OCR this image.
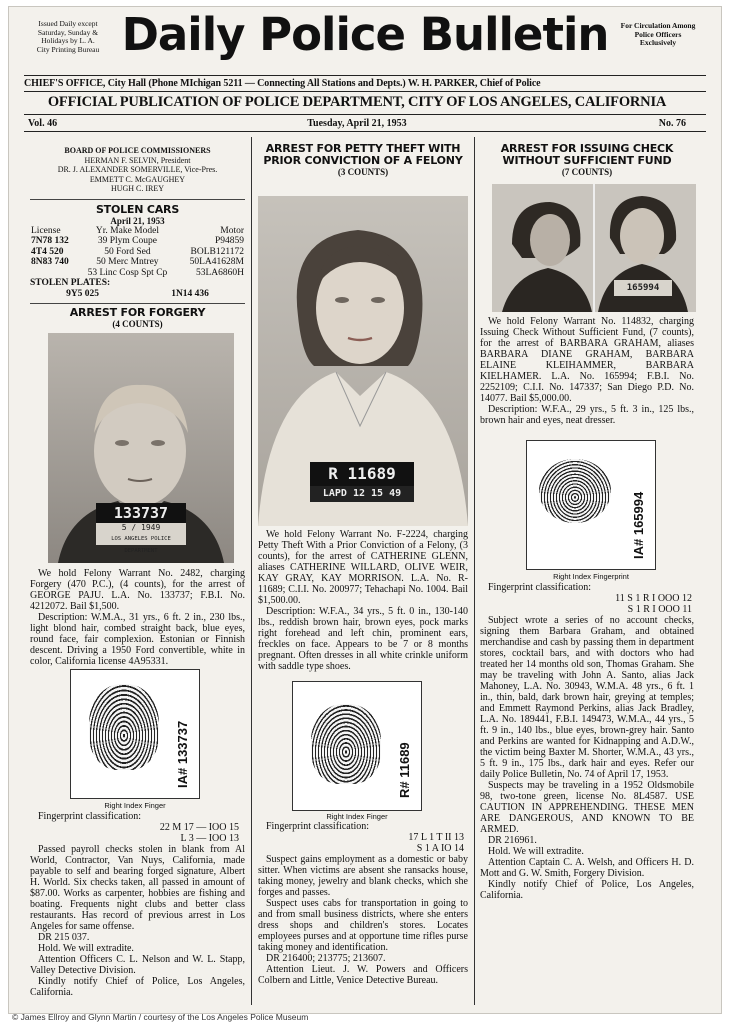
Issued Daily except Saturday, Sunday & Holidays by L. A. City Printing Bureau Daily Police Bulletin	For Circulation Among Police Officers Exclusively
CHIEF'S OFFICE, City Hall (Phone MIchigan 5211 — Connecting All Stations and Depts.) W. H. PARKER, Chief of Police
OFFICIAL PUBLICATION OF POLICE DEPARTMENT, CITY OF LOS ANGELES, CALIFORNIA
Vol. 46	Tuesday, April 21, 1953	No. 76
BOARD OF POLICE COMMISSIONERS
HERMAN F. SELVIN, President
DR. J. ALEXANDER SOMERVILLE, Vice-Pres.
EMMETT C. McGAUGHEY
HUGH C. IREY
STOLEN CARS
April 21, 1953
License	Yr. Make Model	Motor
7N78 132	39 Plym Coupe	P94859
4T4 520	50 Ford Sed	BOLB121172
8N83 740	50 Merc Mntrey	50LA41628M
	53 Linc Cosp Spt Cp	53LA6860H
STOLEN PLATES:
9Y5 025	1N14 436
ARREST FOR FORGERY
(4 COUNTS)
133737
5 / 1949
LOS ANGELES POLICE DEPARTMENT

We hold Felony Warrant No. 2482, charging Forgery (470 P.C.), (4 counts), for the arrest of GEORGE PAJU. L.A. No. 133737; F.B.I. No. 4212072. Bail $1,500.

Description: W.M.A., 31 yrs., 6 ft. 2 in., 230 lbs., light blond hair, combed straight back, blue eyes, round face, fair complexion. Estonian or Finnish descent. Driving a 1950 Ford convertible, white in color, California license 4A95331.

IA# 133737
Right Index Finger

Fingerprint classification:

22 M 17 — IOO 15
L 3 — IOO 13

Passed payroll checks stolen in blank from Al World, Contractor, Van Nuys, California, made payable to self and bearing forged signature, Albert H. World. Six checks taken, all passed in amount of $87.00. Works as carpenter, hobbies are fishing and boating. Frequents night clubs and better class restaurants. Has record of previous arrest in Los Angeles for same offense.

DR 215 037.

Hold. We will extradite.

Attention Officers C. L. Nelson and W. L. Stapp, Valley Detective Division.

Kindly notify Chief of Police, Los Angeles, California.

ARREST FOR PETTY THEFT WITH PRIOR CONVICTION OF A FELONY
(3 COUNTS)
R 11689
LAPD 12 15 49

We hold Felony Warrant No. F-2224, charging Petty Theft With a Prior Conviction of a Felony, (3 counts), for the arrest of CATHERINE GLENN, aliases CATHERINE WILLARD, OLIVE WEIR, KAY GRAY, KAY MORRISON. L.A. No. R-11689; C.I.I. No. 200977; Tehachapi No. 1004. Bail $1,500.00.

Description: W.F.A., 34 yrs., 5 ft. 0 in., 130-140 lbs., reddish brown hair, brown eyes, pock marks right forehead and left chin, prominent ears, freckles on face. Appears to be 7 or 8 months pregnant. Often dresses in all white crinkle uniform with saddle type shoes.

R# 11689
Right Index Finger

Fingerprint classification:

17 L 1 T II 13
S 1 A IO 14

Suspect gains employment as a domestic or baby sitter. When victims are absent she ransacks house, taking money, jewelry and blank checks, which she forges and passes.

Suspect uses cabs for transportation in going to and from small business districts, where she enters dress shops and children's stores. Locates employees purses and at opportune time rifles purse taking money and identification.

DR 216400; 213775; 213607.

Attention Lieut. J. W. Powers and Officers Colbern and Little, Venice Detective Bureau.

ARREST FOR ISSUING CHECK WITHOUT SUFFICIENT FUND
(7 COUNTS)
165994

We hold Felony Warrant No. 114832, charging Issuing Check Without Sufficient Fund, (7 counts), for the arrest of BARBARA GRAHAM, aliases BARBARA DIANE GRAHAM, BARBARA ELAINE KLEIHAMMER, BARBARA KIELHAMER. L.A. No. 165994; F.B.I. No. 2252109; C.I.I. No. 147337; San Diego P.D. No. 14077. Bail $5,000.00.

Description: W.F.A., 29 yrs., 5 ft. 3 in., 125 lbs., brown hair and eyes, neat dresser.

IA# 165994
Right Index Fingerprint

Fingerprint classification:

11 S 1 R I OOO 12
S 1 R I OOO 11

Subject wrote a series of no account checks, signing them Barbara Graham, and obtained merchandise and cash by passing them in department stores, cocktail bars, and with doctors who had treated her 14 months old son, Thomas Graham. She may be traveling with John A. Santo, alias Jack Mahoney, L.A. No. 30943, W.M.A. 48 yrs., 6 ft. 1 in., thin, bald, dark brown hair, greying at temples; and Emmett Raymond Perkins, alias Jack Bradley, L.A. No. 189441, F.B.I. 149473, W.M.A., 44 yrs., 5 ft. 9 in., 140 lbs., blue eyes, brown-grey hair. Santo and Perkins are wanted for Kidnapping and A.D.W., the victim being Baxter M. Shorter, W.M.A., 43 yrs., 5 ft. 9 in., 175 lbs., dark hair and eyes. Refer our daily Police Bulletin, No. 74 of April 17, 1953.

Suspects may be traveling in a 1952 Oldsmobile 98, two-tone green, license No. 8L4587. USE CAUTION IN APPREHENDING. THESE MEN ARE DANGEROUS, AND KNOWN TO BE ARMED.

DR 216961.

Hold. We will extradite.

Attention Captain C. A. Welsh, and Officers H. D. Mott and G. W. Smith, Forgery Division.

Kindly notify Chief of Police, Los Angeles, California.

© James Ellroy and Glynn Martin / courtesy of the Los Angeles Police Museum
